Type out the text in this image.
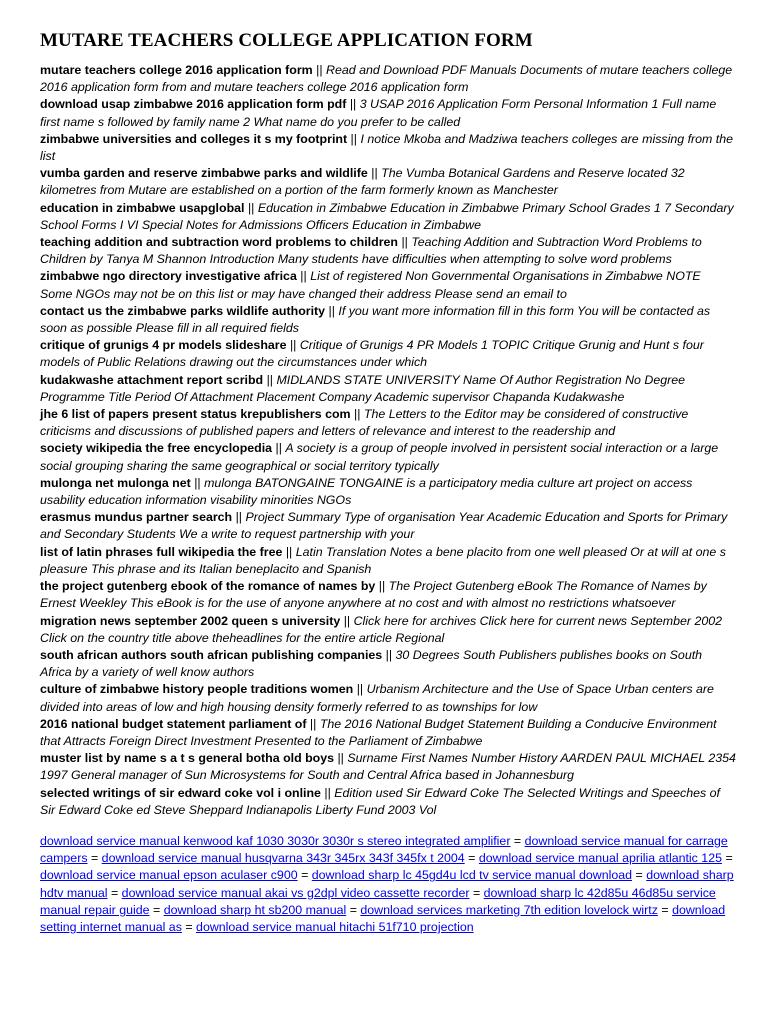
MUTARE TEACHERS COLLEGE APPLICATION FORM

mutare teachers college 2016 application form || Read and Download PDF Manuals Documents of mutare teachers college 2016 application form from and mutare teachers college 2016 application form

download usap zimbabwe 2016 application form pdf || 3 USAP 2016 Application Form Personal Information 1 Full name first name s followed by family name 2 What name do you prefer to be called

zimbabwe universities and colleges it s my footprint || I notice Mkoba and Madziwa teachers colleges are missing from the list

vumba garden and reserve zimbabwe parks and wildlife || The Vumba Botanical Gardens and Reserve located 32 kilometres from Mutare are established on a portion of the farm formerly known as Manchester

education in zimbabwe usapglobal || Education in Zimbabwe Education in Zimbabwe Primary School Grades 1 7 Secondary School Forms I VI Special Notes for Admissions Officers Education in Zimbabwe

teaching addition and subtraction word problems to children || Teaching Addition and Subtraction Word Problems to Children by Tanya M Shannon Introduction Many students have difficulties when attempting to solve word problems

zimbabwe ngo directory investigative africa || List of registered Non Governmental Organisations in Zimbabwe NOTE Some NGOs may not be on this list or may have changed their address Please send an email to

contact us the zimbabwe parks wildlife authority || If you want more information fill in this form You will be contacted as soon as possible Please fill in all required fields

critique of grunigs 4 pr models slideshare || Critique of Grunigs 4 PR Models 1 TOPIC Critique Grunig and Hunt s four models of Public Relations drawing out the circumstances under which

kudakwashe attachment report scribd || MIDLANDS STATE UNIVERSITY Name Of Author Registration No Degree Programme Title Period Of Attachment Placement Company Academic supervisor Chapanda Kudakwashe

jhe 6 list of papers present status krepublishers com || The Letters to the Editor may be considered of constructive criticisms and discussions of published papers and letters of relevance and interest to the readership and

society wikipedia the free encyclopedia || A society is a group of people involved in persistent social interaction or a large social grouping sharing the same geographical or social territory typically

mulonga net mulonga net || mulonga BATONGAINE TONGAINE is a participatory media culture art project on access usability education information visability minorities NGOs

erasmus mundus partner search || Project Summary Type of organisation Year Academic Education and Sports for Primary and Secondary Students We a write to request partnership with your

list of latin phrases full wikipedia the free || Latin Translation Notes a bene placito from one well pleased Or at will at one s pleasure This phrase and its Italian beneplacito and Spanish

the project gutenberg ebook of the romance of names by || The Project Gutenberg eBook The Romance of Names by Ernest Weekley This eBook is for the use of anyone anywhere at no cost and with almost no restrictions whatsoever

migration news september 2002 queen s university || Click here for archives Click here for current news September 2002 Click on the country title above theheadlines for the entire article Regional

south african authors south african publishing companies || 30 Degrees South Publishers publishes books on South Africa by a variety of well know authors

culture of zimbabwe history people traditions women || Urbanism Architecture and the Use of Space Urban centers are divided into areas of low and high housing density formerly referred to as townships for low

2016 national budget statement parliament of || The 2016 National Budget Statement Building a Conducive Environment that Attracts Foreign Direct Investment Presented to the Parliament of Zimbabwe

muster list by name s a t s general botha old boys || Surname First Names Number History AARDEN PAUL MICHAEL 2354 1997 General manager of Sun Microsystems for South and Central Africa based in Johannesburg

selected writings of sir edward coke vol i online || Edition used Sir Edward Coke The Selected Writings and Speeches of Sir Edward Coke ed Steve Sheppard Indianapolis Liberty Fund 2003 Vol

download service manual kenwood kaf 1030 3030r 3030r s stereo integrated amplifier = download service manual for carrage campers = download service manual husqvarna 343r 345rx 343f 345fx t 2004 = download service manual aprilia atlantic 125 = download service manual epson aculaser c900 = download sharp lc 45gd4u lcd tv service manual download = download sharp hdtv manual = download service manual akai vs g2dpl video cassette recorder = download sharp lc 42d85u 46d85u service manual repair guide = download sharp ht sb200 manual = download services marketing 7th edition lovelock wirtz = download setting internet manual as = download service manual hitachi 51f710 projection
